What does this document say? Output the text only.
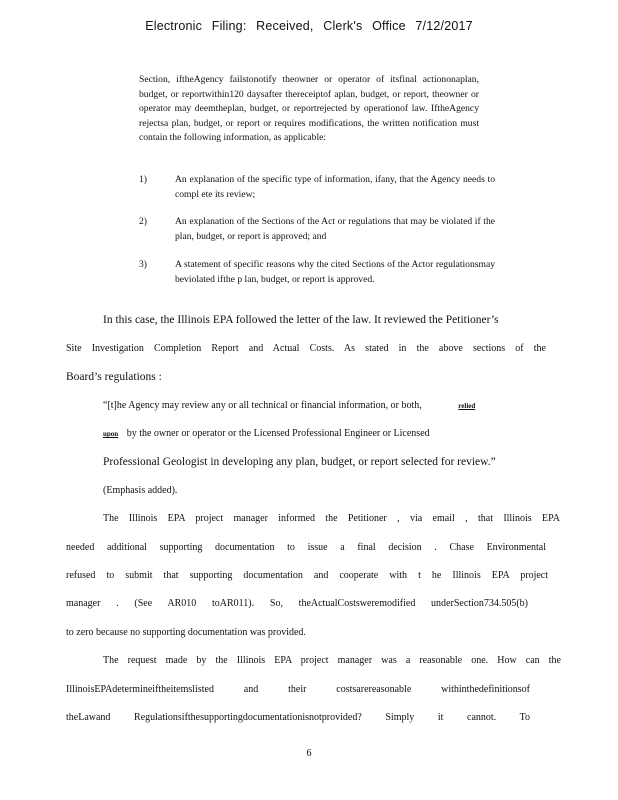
Electronic Filing: Received, Clerk's Office 7/12/2017
Section, iftheAgency failstonotify theowner or operator of itsfinal actiononaplan, budget, or reportwithin120 daysafter thereceiptof aplan, budget, or report, theowner or operator may deemtheplan, budget, or reportrejected by operationof law. IftheAgency rejectsa plan, budget, or report or requires modifications, the written notification must contain the following information, as applicable:
1)	An explanation of the specific type of information, ifany, that the Agency needs to compl ete its review;
2)	An explanation of the Sections of the Act or regulations that may be violated if the plan, budget, or report is approved; and
3)	A statement of specific reasons why the cited Sections of the Actor regulationsmay beviolated ifthe p lan, budget, or report is approved.
In this case, the Illinois EPA followed the letter of the law. It reviewed the Petitioner’s
Site Investigation Completion Report and Actual Costs. As stated in the above sections of the
Board’s regulations :
“[t]he Agency may review any or all technical or financial information, or both,	relied
upon by the owner or operator or the Licensed Professional Engineer or Licensed
Professional Geologist in developing any plan, budget, or report selected for review.”
(Emphasis added).
The Illinois EPA project manager informed the Petitioner , via email , that Illinois EPA
needed additional supporting documentation to issue a final decision . Chase Environmental
refused to submit that supporting documentation and cooperate with t he Illinois EPA project
manager . (See AR010 toAR011). So, theActualCostsweremodified underSection734.505(b)
to zero because no supporting documentation was provided.
The request made by the Illinois EPA project manager was a reasonable one. How can the
IllinoisEPAdetermineiftheitemslisted and their costsarereasonable withinthedefinitionsof
theLawand Regulationsifthesupportingdocumentationisnotprovided? Simply it cannot. To
6
